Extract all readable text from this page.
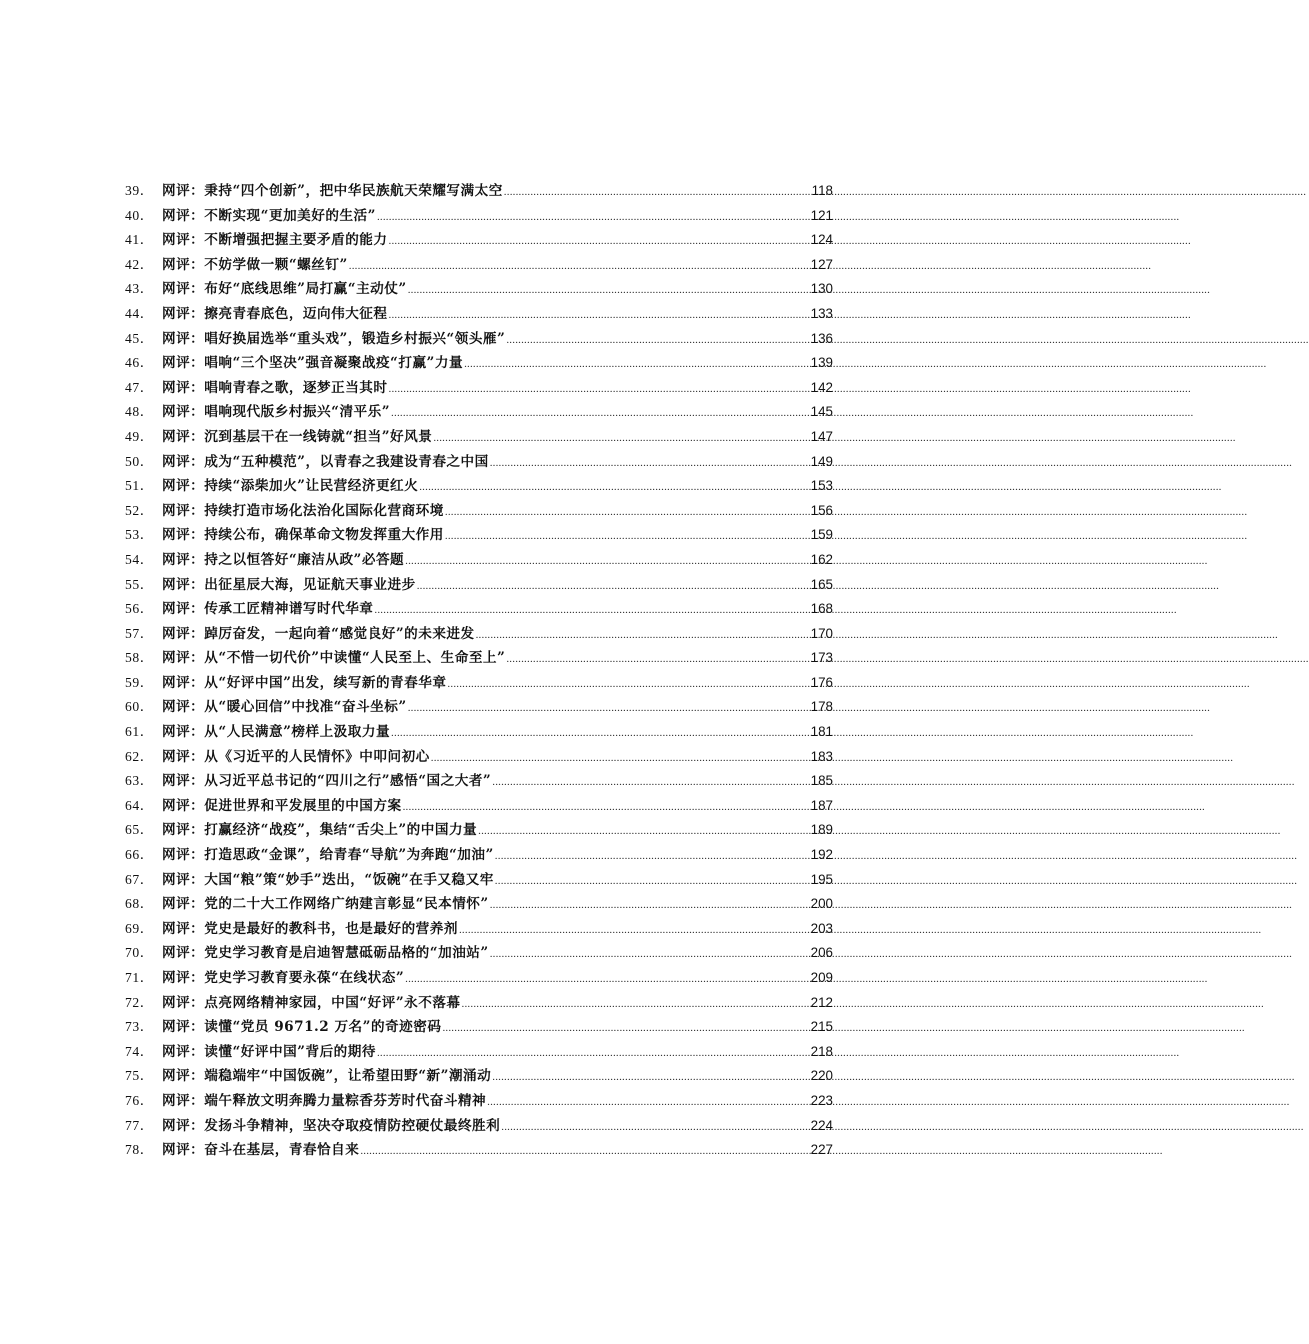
39． 网评：秉持“四个创新”，把中华民族航天荣耀写满太空 .....	118
40． 网评：不断实现“更加美好的生活” .....	121
41． 网评：不断增强把握主要矛盾的能力 .....	124
42． 网评：不妨学做一颗“螺丝钉” .....	127
43． 网评：布好“底线思维”局打赢“主动仗” .....	130
44． 网评：擦亮青春底色，迈向伟大征程 .....	133
45． 网评：唱好换届选举“重头戏”，锻造乡村振兴“领头雁” .....	136
46． 网评：唱响“三个坚决”强音凝聚战疫“打赢”力量 .....	139
47． 网评：唱响青春之歌，逐梦正当其时 .....	142
48． 网评：唱响现代版乡村振兴“清平乐” .....	145
49． 网评：沉到基层干在一线铸就“担当”好风景 .....	147
50． 网评：成为“五种模范”，以青春之我建设青春之中国 .....	149
51． 网评：持续“添柴加火”让民营经济更红火 .....	153
52． 网评：持续打造市场化法治化国际化营商环境 .....	156
53． 网评：持续公布，确保革命文物发挥重大作用 .....	159
54． 网评：持之以恒答好“廉洁从政”必答题 .....	162
55． 网评：出征星辰大海，见证航天事业进步 .....	165
56． 网评：传承工匠精神谱写时代华章 .....	168
57． 网评：踔厉奋发，一起向着“感觉良好”的未来进发 .....	170
58． 网评：从“不惜一切代价”中读懂“人民至上、生命至上” .....	173
59． 网评：从“好评中国”出发，续写新的青春华章 .....	176
60． 网评：从“暖心回信”中找准“奋斗坐标” .....	178
61． 网评：从“人民满意”榜样上汲取力量 .....	181
62． 网评：从《习近平的人民情怀》中叩问初心 .....	183
63． 网评：从习近平总书记的“四川之行”感悟“国之大者” .....	185
64． 网评：促进世界和平发展里的中国方案 .....	187
65． 网评：打赢经济“战疫”，集结“舌尖上”的中国力量 .....	189
66． 网评：打造思政“金课”，给青春“导航”为奔跑“加油” .....	192
67． 网评：大国“粮”策“妙手”迭出，“饭碗”在手又稳又牢 .....	195
68． 网评：党的二十大工作网络广纳建言彰显“民本情怀” .....	200
69． 网评：党史是最好的教科书，也是最好的营养剂 .....	203
70． 网评：党史学习教育是启迪智慧砥砺品格的“加油站” .....	206
71． 网评：党史学习教育要永葆“在线状态” .....	209
72． 网评：点亮网络精神家园，中国“好评”永不落幕 .....	212
73． 网评：读懂“党员 9671.2 万名”的奇迹密码 .....	215
74． 网评：读懂“好评中国”背后的期待 .....	218
75． 网评：端稳端牢“中国饭碗”，让希望田野“新”潮涌动 .....	220
76． 网评：端午释放文明奔腾力量粽香芬芳时代奋斗精神 .....	223
77． 网评：发扬斗争精神，坚决夺取疫情防控硬仗最终胜利 .....	224
78． 网评：奋斗在基层，青春恰自来 .....	227
